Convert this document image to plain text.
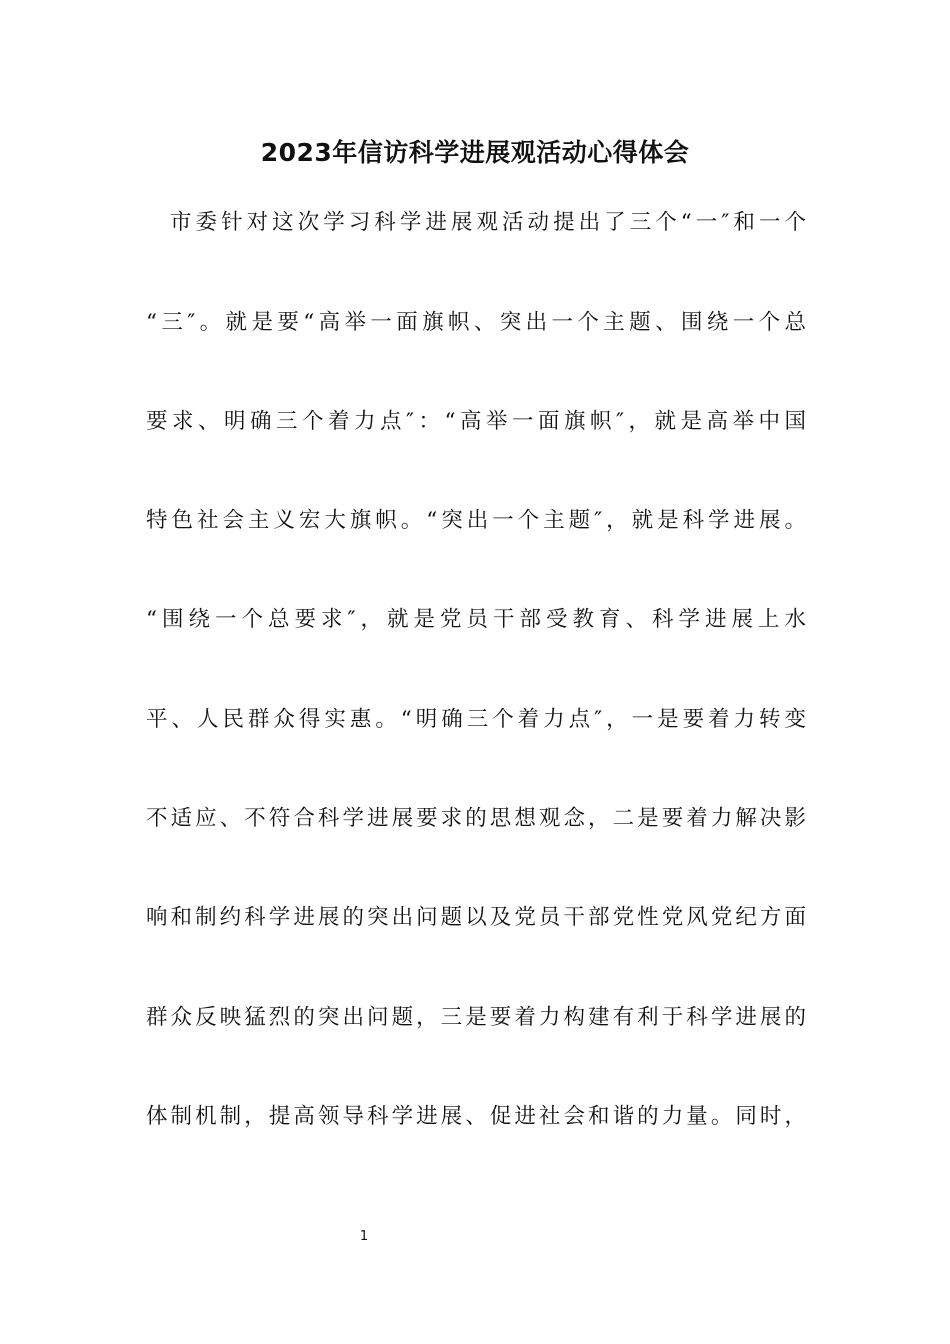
2023年信访科学进展观活动心得体会
市委针对这次学习科学进展观活动提出了三个“一″和一个
“三″。就是要“高举一面旗帜、突出一个主题、围绕一个总
要求、明确三个着力点″：“高举一面旗帜″，就是高举中国
特色社会主义宏大旗帜。“突出一个主题″，就是科学进展。
“围绕一个总要求″，就是党员干部受教育、科学进展上水
平、人民群众得实惠。“明确三个着力点″，一是要着力转变
不适应、不符合科学进展要求的思想观念，二是要着力解决影
响和制约科学进展的突出问题以及党员干部党性党风党纪方面
群众反映猛烈的突出问题，三是要着力构建有利于科学进展的
体制机制，提高领导科学进展、促进社会和谐的力量。同时，
1
